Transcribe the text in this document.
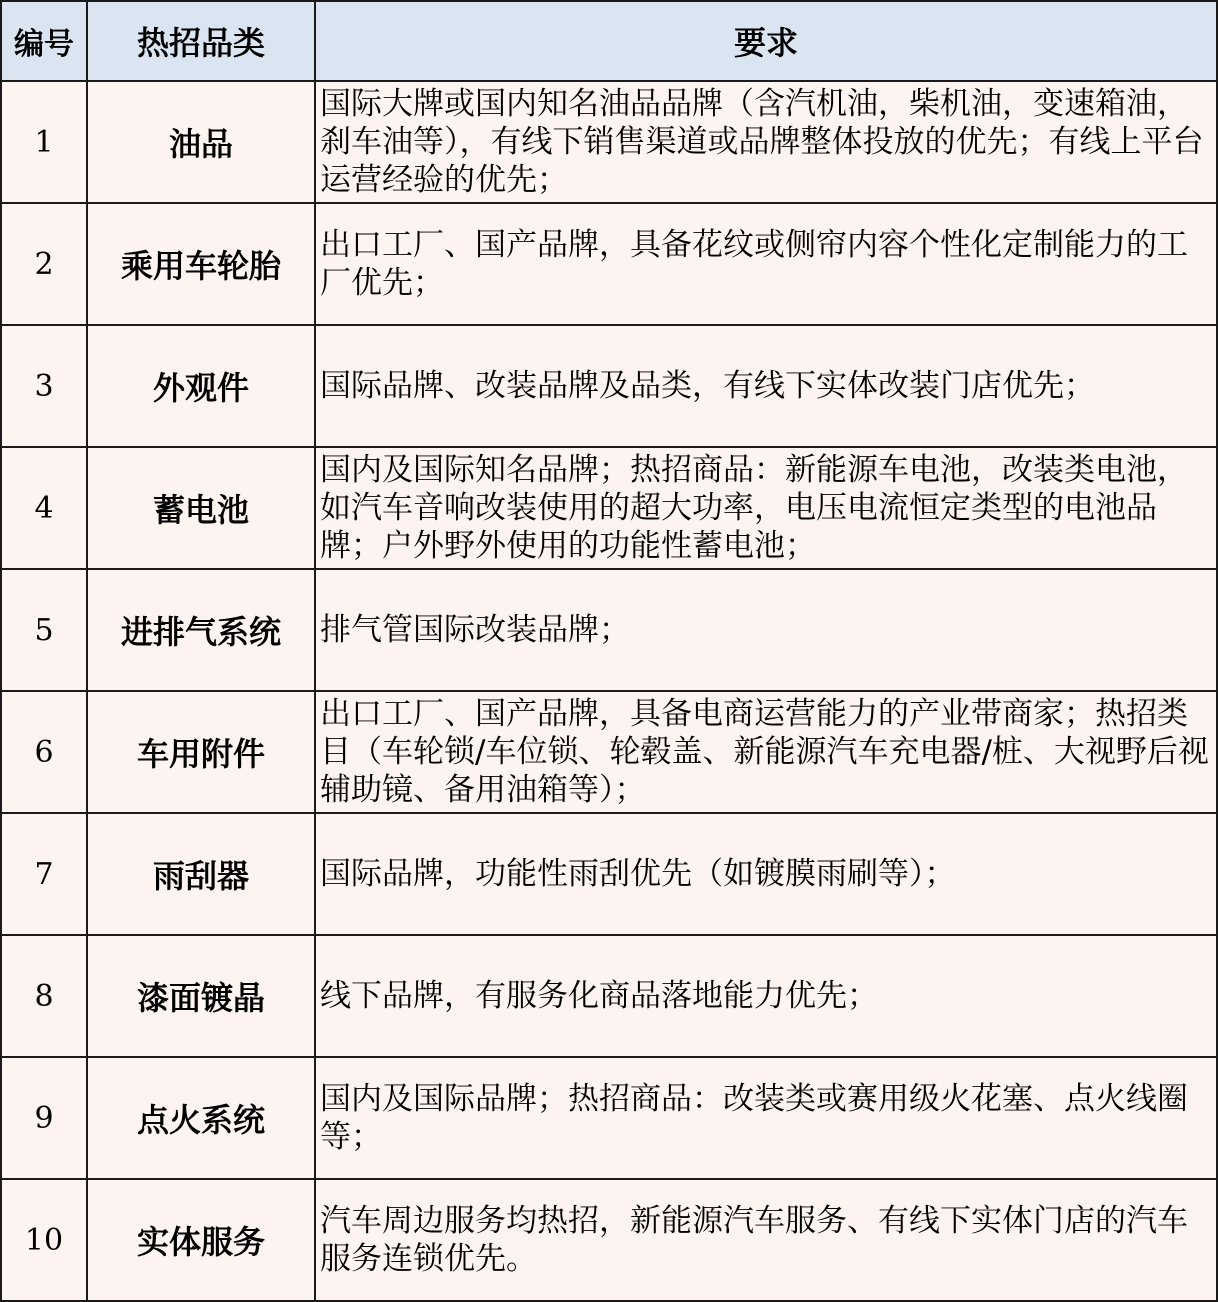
编号	热招品类	要求
1	油品	国际大牌或国内知名油品品牌（含汽机油，柴机油，变速箱油，刹车油等），有线下销售渠道或品牌整体投放的优先；有线上平台运营经验的优先；
2	乘用车轮胎	出口工厂、国产品牌，具备花纹或侧帘内容个性化定制能力的工厂优先；
3	外观件	国际品牌、改装品牌及品类，有线下实体改装门店优先；
4	蓄电池	国内及国际知名品牌；热招商品：新能源车电池，改装类电池，如汽车音响改装使用的超大功率，电压电流恒定类型的电池品牌；户外野外使用的功能性蓄电池；
5	进排气系统	排气管国际改装品牌；
6	车用附件	出口工厂、国产品牌，具备电商运营能力的产业带商家；热招类目（车轮锁/车位锁、轮毂盖、新能源汽车充电器/桩、大视野后视辅助镜、备用油箱等）；
7	雨刮器	国际品牌，功能性雨刮优先（如镀膜雨刷等）；
8	漆面镀晶	线下品牌，有服务化商品落地能力优先；
9	点火系统	国内及国际品牌；热招商品：改装类或赛用级火花塞、点火线圈等；
10	实体服务	汽车周边服务均热招，新能源汽车服务、有线下实体门店的汽车服务连锁优先。
